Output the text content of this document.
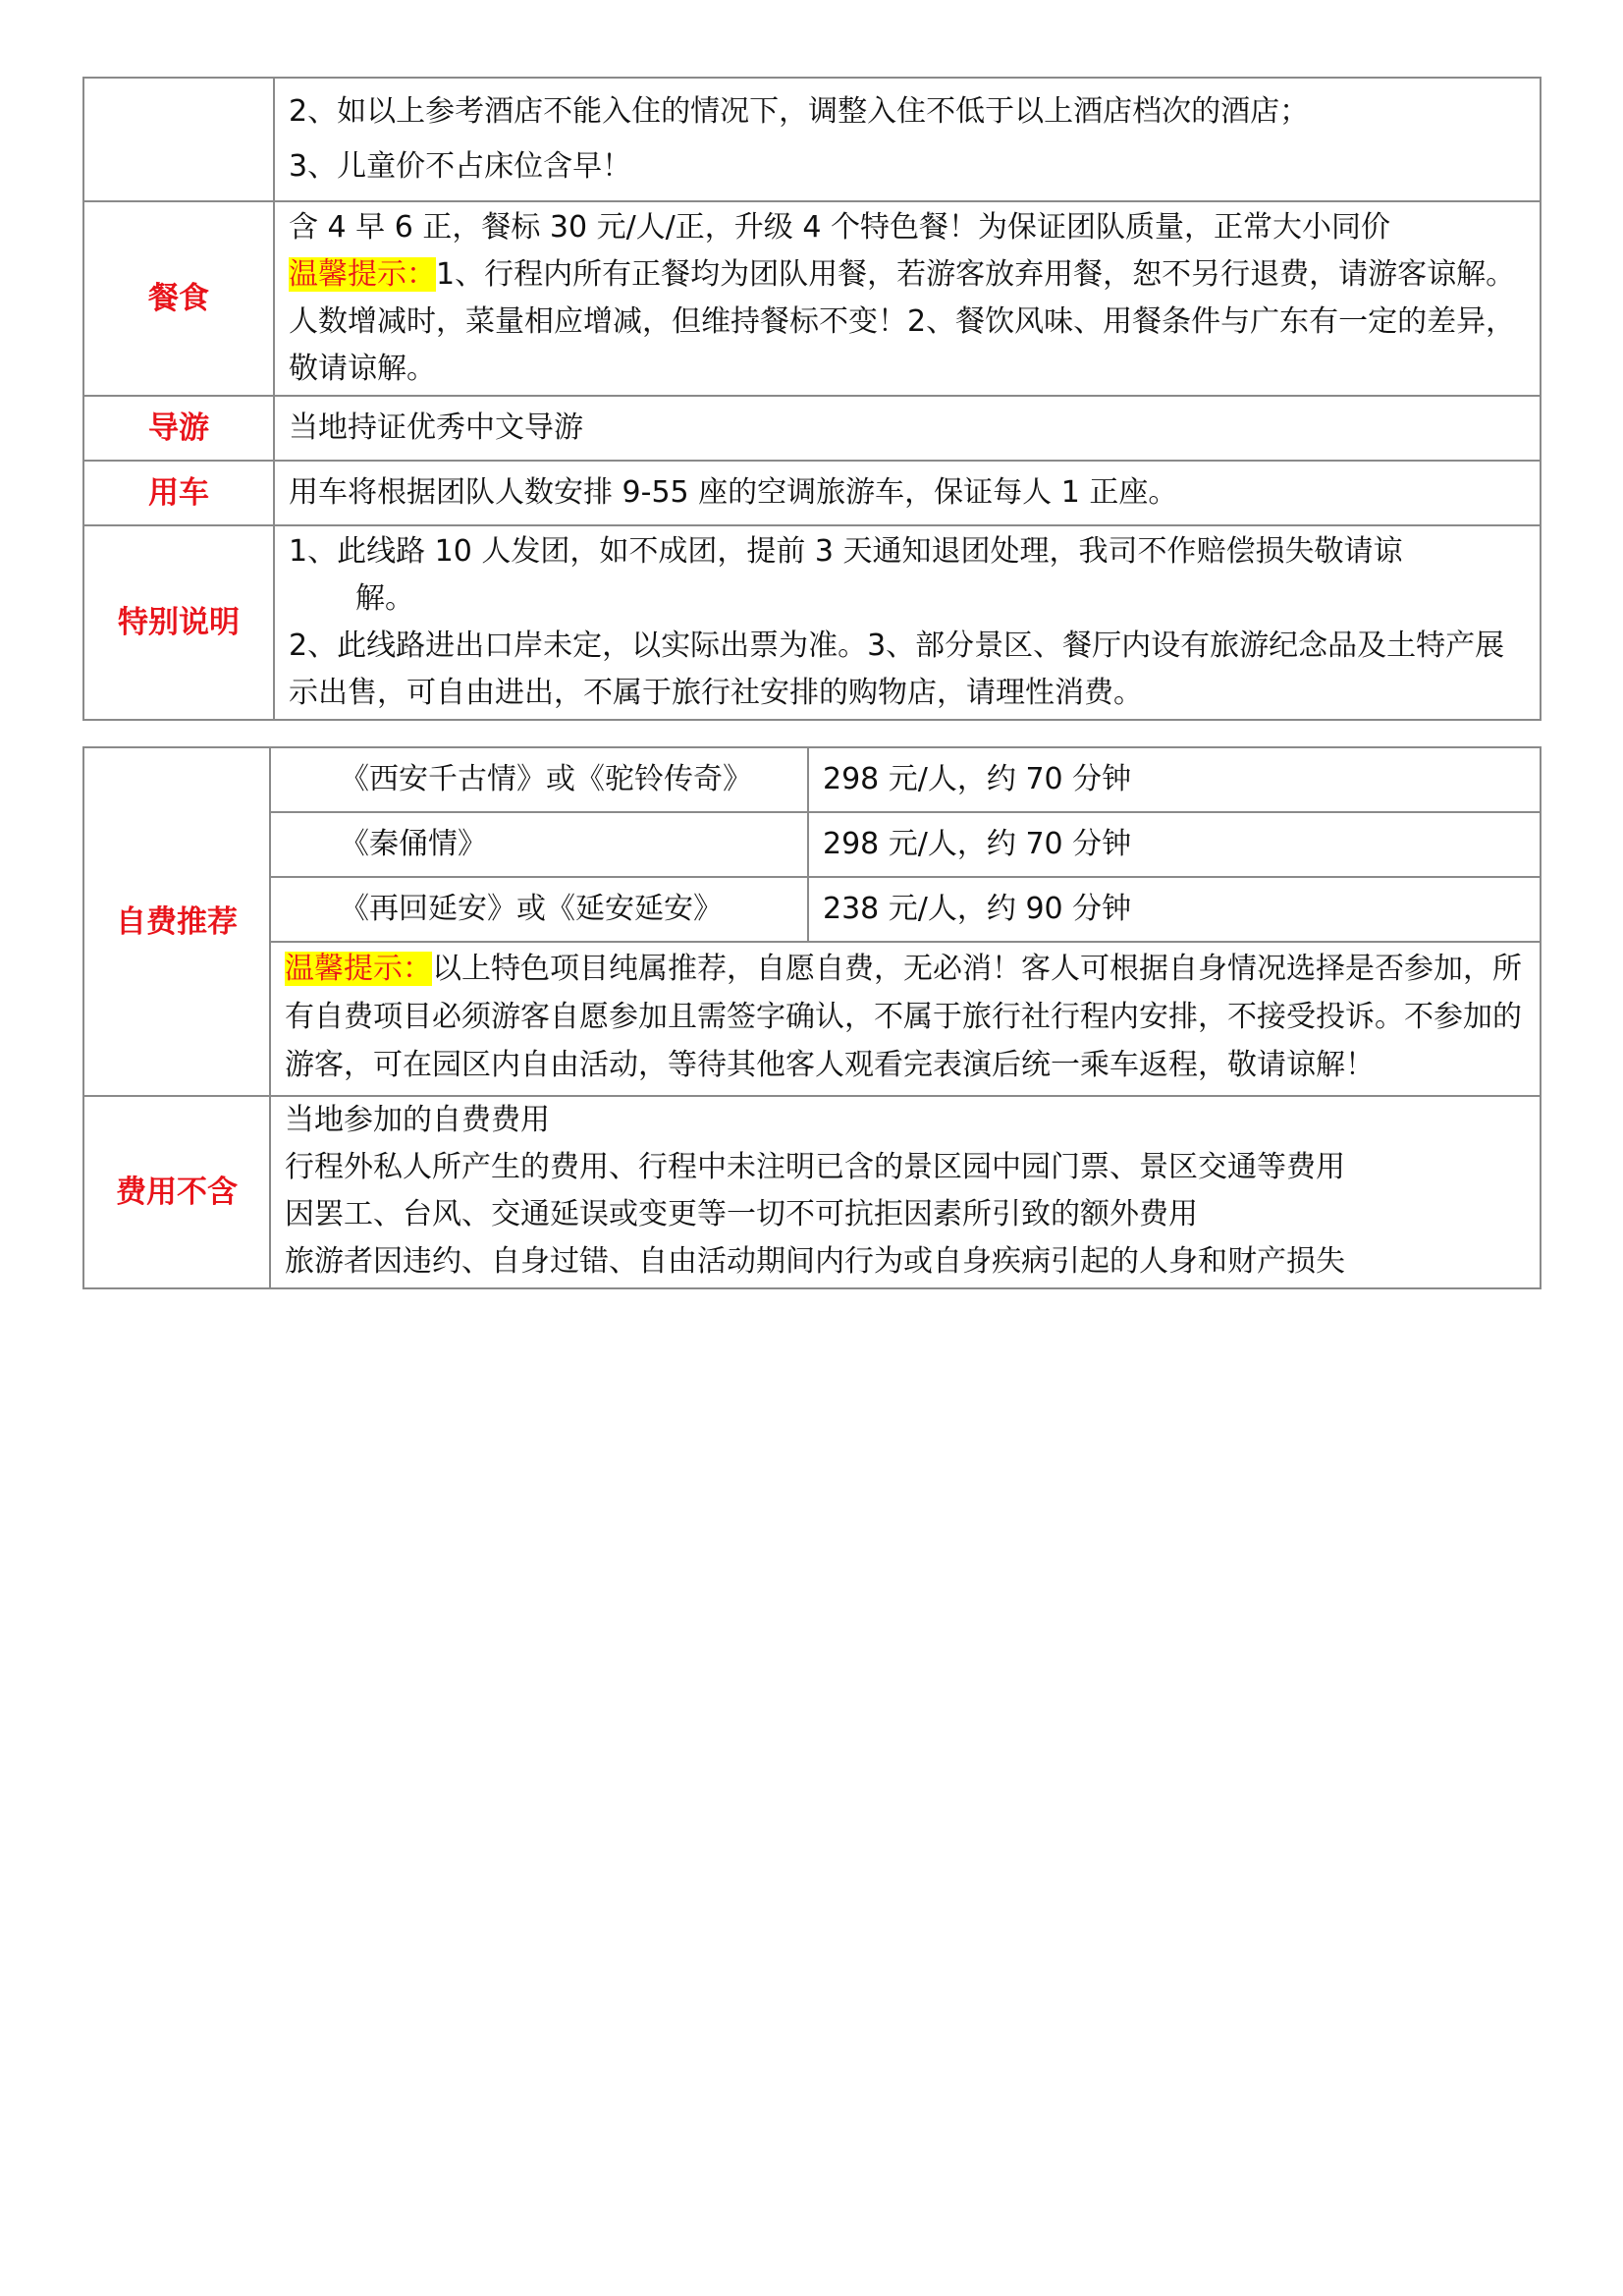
	2、如以上参考酒店不能入住的情况下，调整入住不低于以上酒店档次的酒店；

3、儿童价不占床位含早！

餐食	含 4 早 6 正，餐标 30 元/人/正，升级 4 个特色餐！为保证团队质量，正常大小同价

温馨提示：1、行程内所有正餐均为团队用餐，若游客放弃用餐，恕不另行退费，请游客谅解。人数增减时，菜量相应增减，但维持餐标不变！2、餐饮风味、用餐条件与广东有一定的差异，敬请谅解。

导游	当地持证优秀中文导游
用车	用车将根据团队人数安排 9-55 座的空调旅游车，保证每人 1 正座。
特别说明	1、此线路 10 人发团，如不成团，提前 3 天通知退团处理，我司不作赔偿损失敬请谅

解。

2、此线路进出口岸未定，以实际出票为准。3、部分景区、餐厅内设有旅游纪念品及土特产展示出售，可自由进出，不属于旅行社安排的购物店，请理性消费。

自费推荐	《西安千古情》或《驼铃传奇》	298 元/人，约 70 分钟
	《秦俑情》	298 元/人，约 70 分钟
	《再回延安》或《延安延安》	238 元/人，约 90 分钟
	温馨提示：以上特色项目纯属推荐，自愿自费，无必消！客人可根据自身情况选择是否参加，所有自费项目必须游客自愿参加且需签字确认，不属于旅行社行程内安排，不接受投诉。不参加的游客，可在园区内自由活动，等待其他客人观看完表演后统一乘车返程，敬请谅解！	
费用不含	当地参加的自费费用

行程外私人所产生的费用、行程中未注明已含的景区园中园门票、景区交通等费用

因罢工、台风、交通延误或变更等一切不可抗拒因素所引致的额外费用

旅游者因违约、自身过错、自由活动期间内行为或自身疾病引起的人身和财产损失	
